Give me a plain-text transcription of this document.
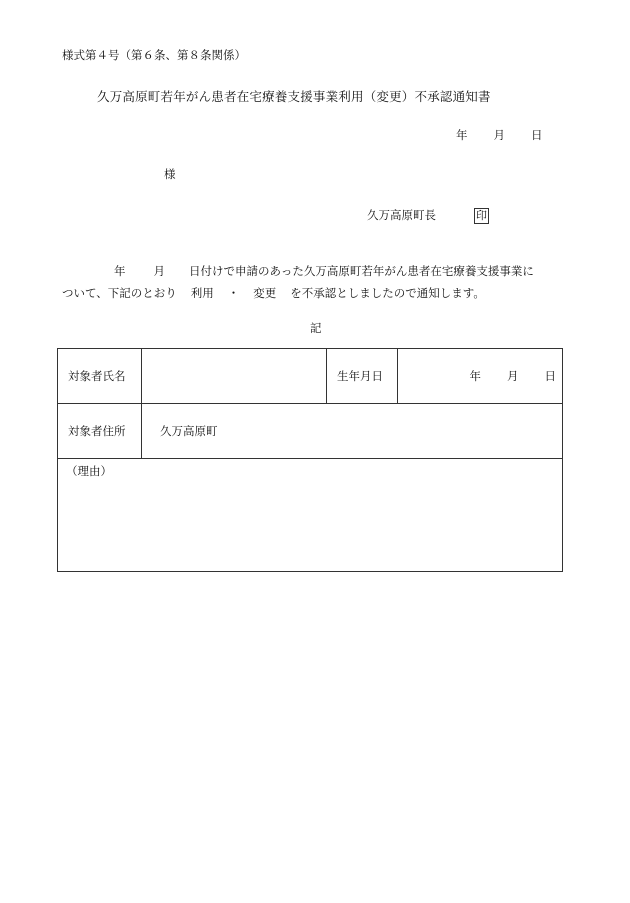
様式第４号（第６条、第８条関係）
久万高原町若年がん患者在宅療養支援事業利用（変更）不承認通知書
年 月 日
様
久万高原町長	印
年 月 日付けで申請のあった久万高原町若年がん患者在宅療養支援事業に
ついて、下記のとおり 利用 ・ 変更 を不承認としましたので通知します。
記
対象者氏名		生年月日	年 月 日
対象者住所	久万高原町		
（理由）			
